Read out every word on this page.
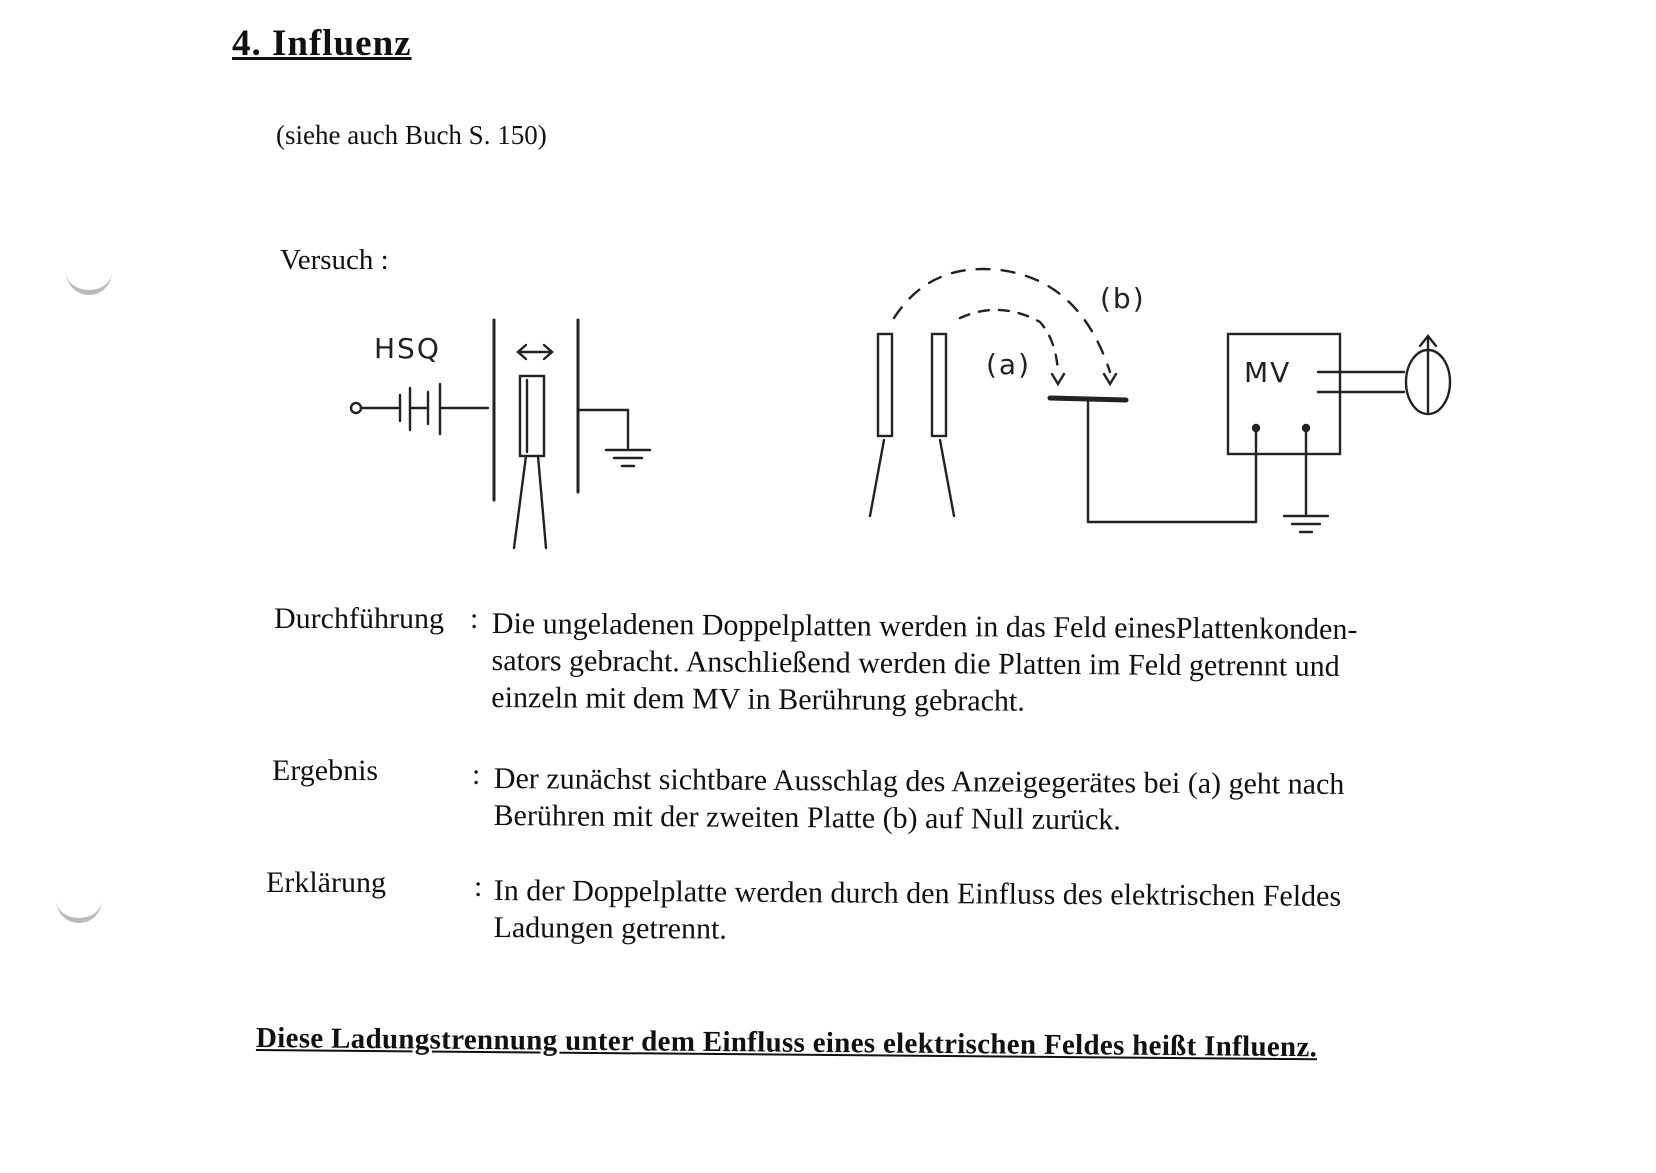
4. Influenz
(siehe auch Buch S. 150)
Versuch :
HSQ	(a)
(b)
MV
Durchführung : Die ungeladenen Doppelplatten werden in das Feld einesPlattenkonden-
sators gebracht. Anschließend werden die Platten im Feld getrennt und
einzeln mit dem MV in Berührung gebracht.
Ergebnis	: Der zunächst sichtbare Ausschlag des Anzeigegerätes bei (a) geht nach
Berühren mit der zweiten Platte (b) auf Null zurück.
Erklärung	: In der Doppelplatte werden durch den Einfluss des elektrischen Feldes
Ladungen getrennt.
Diese Ladungstrennung unter dem Einfluss eines elektrischen Feldes heißt Influenz.
